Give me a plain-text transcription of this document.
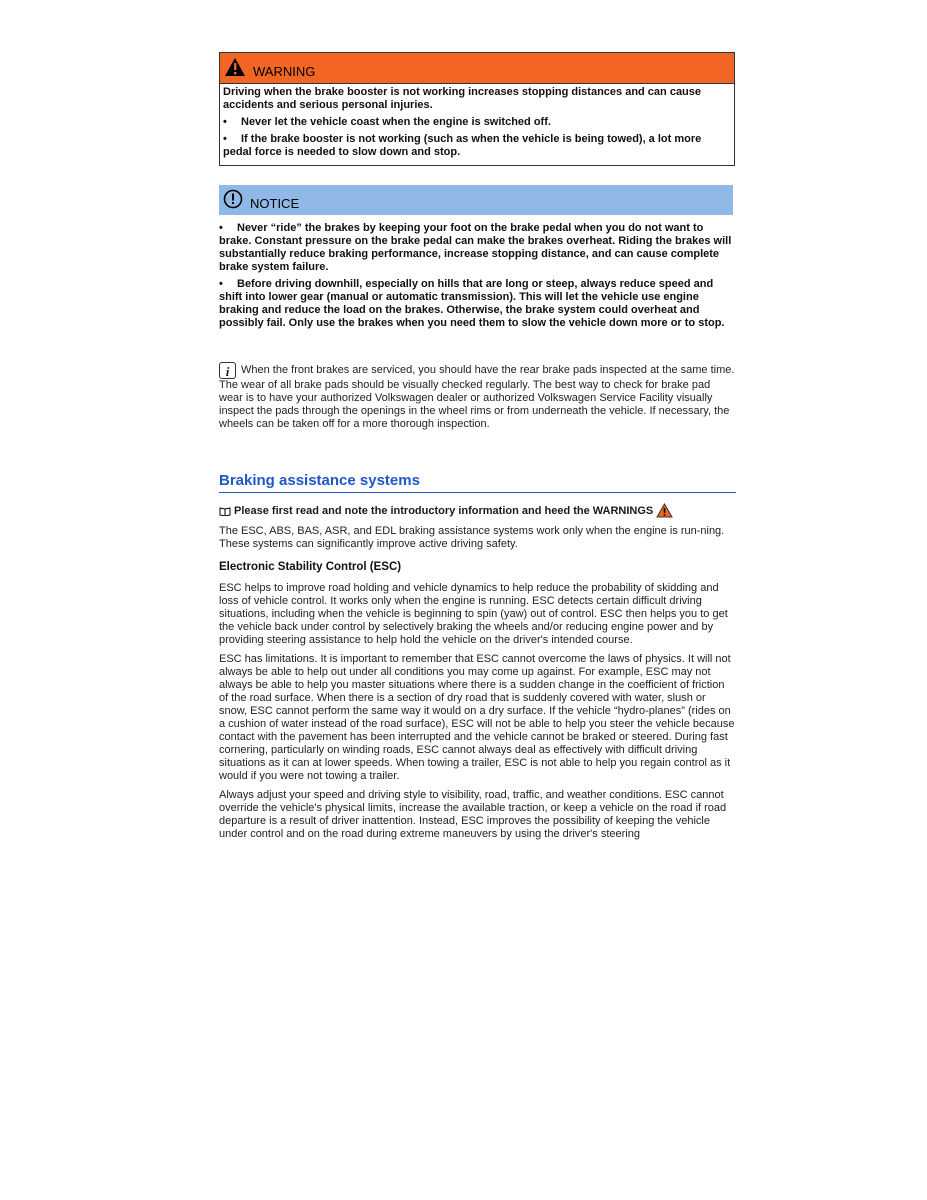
WARNING

Driving when the brake booster is not working increases stopping distances and can cause accidents and serious personal injuries.

• Never let the vehicle coast when the engine is switched off.

• If the brake booster is not working (such as when the vehicle is being towed), a lot more pedal force is needed to slow down and stop.

NOTICE

• Never “ride” the brakes by keeping your foot on the brake pedal when you do not want to brake. Constant pressure on the brake pedal can make the brakes overheat. Riding the brakes will substantially reduce braking performance, increase stopping distance, and can cause complete brake system failure.

• Before driving downhill, especially on hills that are long or steep, always reduce speed and shift into lower gear (manual or automatic transmission). This will let the vehicle use engine braking and reduce the load on the brakes. Otherwise, the brake system could overheat and possibly fail. Only use the brakes when you need them to slow the vehicle down more or to stop.

i When the front brakes are serviced, you should have the rear brake pads inspected at the same time. The wear of all brake pads should be visually checked regularly. The best way to check for brake pad wear is to have your authorized Volkswagen dealer or authorized Volkswagen Service Facility visually inspect the pads through the openings in the wheel rims or from underneath the vehicle. If necessary, the wheels can be taken off for a more thorough inspection.
Braking assistance systems
Please first read and note the introductory information and heed the WARNINGS

The ESC, ABS, BAS, ASR, and EDL braking assistance systems work only when the engine is run-ning. These systems can significantly improve active driving safety.

Electronic Stability Control (ESC)

ESC helps to improve road holding and vehicle dynamics to help reduce the probability of skidding and loss of vehicle control. It works only when the engine is running. ESC detects certain difficult driving situations, including when the vehicle is beginning to spin (yaw) out of control. ESC then helps you to get the vehicle back under control by selectively braking the wheels and/or reducing engine power and by providing steering assistance to help hold the vehicle on the driver's intended course.

ESC has limitations. It is important to remember that ESC cannot overcome the laws of physics. It will not always be able to help out under all conditions you may come up against. For example, ESC may not always be able to help you master situations where there is a sudden change in the coefficient of friction of the road surface. When there is a section of dry road that is suddenly covered with water, slush or snow, ESC cannot perform the same way it would on a dry surface. If the vehicle “hydro-planes” (rides on a cushion of water instead of the road surface), ESC will not be able to help you steer the vehicle because contact with the pavement has been interrupted and the vehicle cannot be braked or steered. During fast cornering, particularly on winding roads, ESC cannot always deal as effectively with difficult driving situations as it can at lower speeds. When towing a trailer, ESC is not able to help you regain control as it would if you were not towing a trailer.

Always adjust your speed and driving style to visibility, road, traffic, and weather conditions. ESC cannot override the vehicle's physical limits, increase the available traction, or keep a vehicle on the road if road departure is a result of driver inattention. Instead, ESC improves the possibility of keeping the vehicle under control and on the road during extreme maneuvers by using the driver's steering
